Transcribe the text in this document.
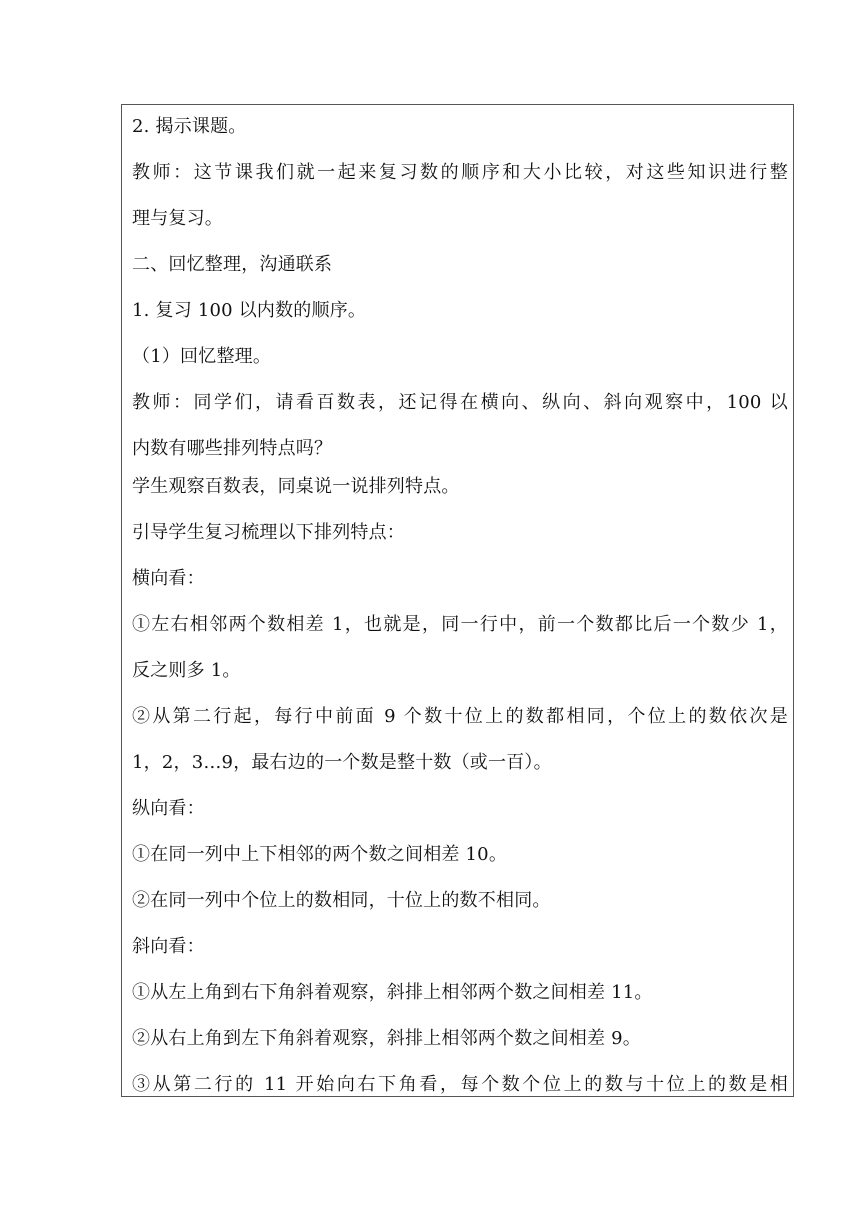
2. 揭示课题。
教师：这节课我们就一起来复习数的顺序和大小比较，对这些知识进行整
理与复习。
二、回忆整理，沟通联系
1. 复习 100 以内数的顺序。
（1）回忆整理。
教师：同学们，请看百数表，还记得在横向、纵向、斜向观察中，100 以
内数有哪些排列特点吗？
学生观察百数表，同桌说一说排列特点。
引导学生复习梳理以下排列特点：
横向看：
①左右相邻两个数相差 1，也就是，同一行中，前一个数都比后一个数少 1，
反之则多 1。
②从第二行起，每行中前面 9 个数十位上的数都相同，个位上的数依次是
1，2，3…9，最右边的一个数是整十数（或一百）。
纵向看：
①在同一列中上下相邻的两个数之间相差 10。
②在同一列中个位上的数相同，十位上的数不相同。
斜向看：
①从左上角到右下角斜着观察，斜排上相邻两个数之间相差 11。
②从右上角到左下角斜着观察，斜排上相邻两个数之间相差 9。
③从第二行的 11 开始向右下角看，每个数个位上的数与十位上的数是相
